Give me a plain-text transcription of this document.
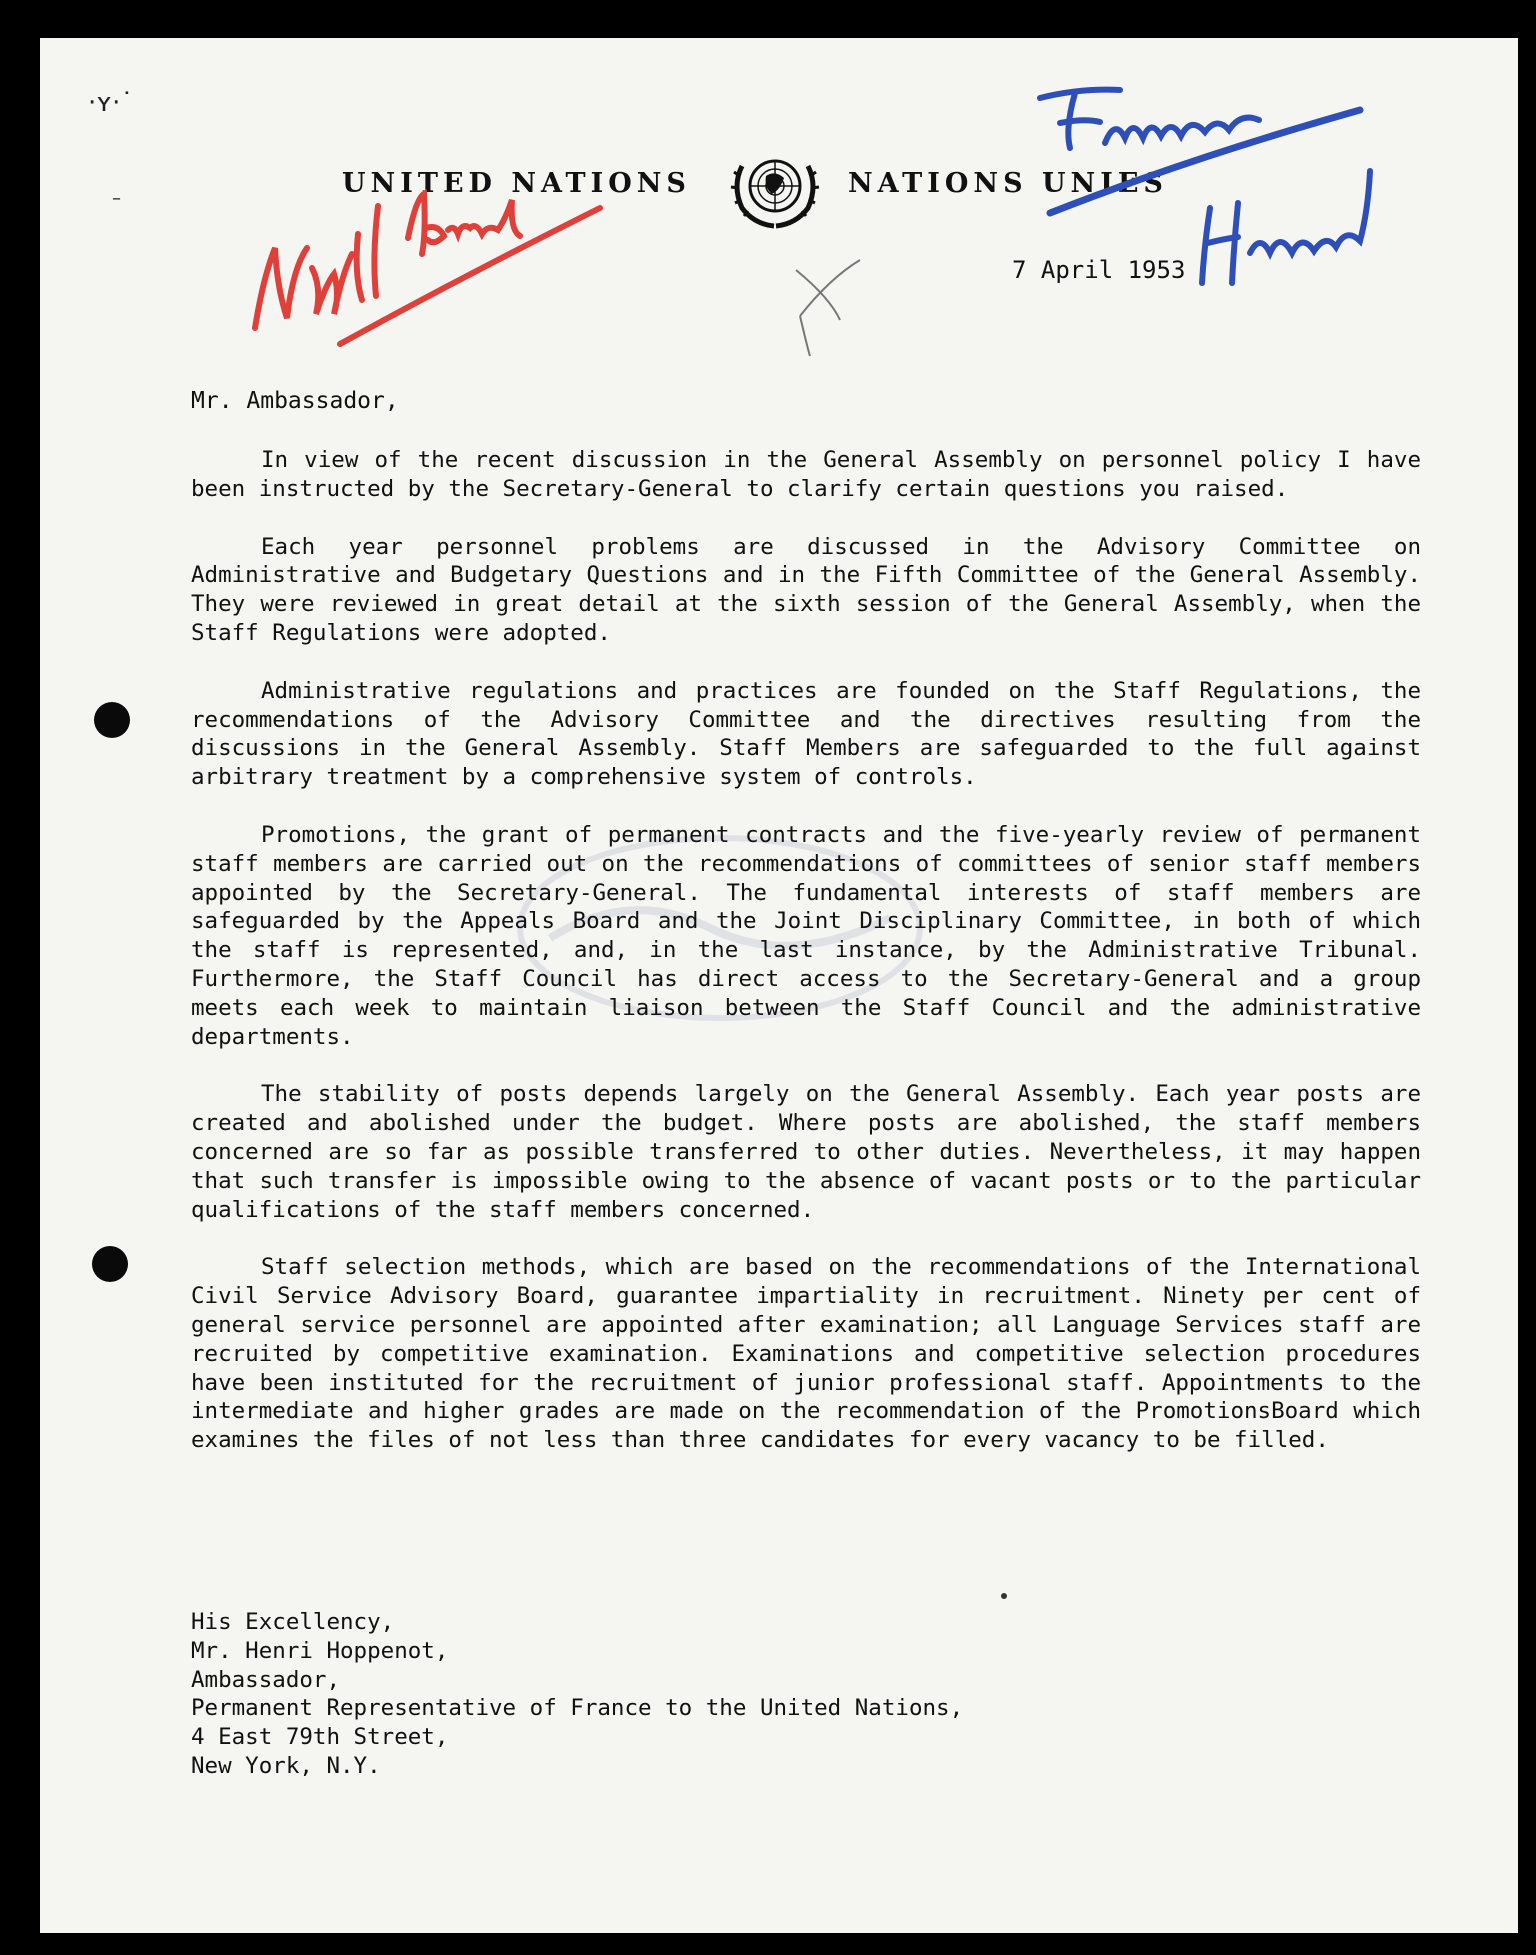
·ʏ·˙
–	UNITED NATIONS	NATIONS UNIES
7 April 1953
Mr. Ambassador,

In view of the recent discussion in the General Assembly on personnel policy I have been instructed by the Secretary-General to clarify certain questions you raised.

Each year personnel problems are discussed in the Advisory Committee on Administrative and Budgetary Questions and in the Fifth Committee of the General Assembly. They were reviewed in great detail at the sixth session of the General Assembly, when the Staff Regulations were adopted.

Administrative regulations and practices are founded on the Staff Regulations, the recommendations of the Advisory Committee and the directives resulting from the discussions in the General Assembly. Staff Members are safeguarded to the full against arbitrary treatment by a comprehensive system of controls.

Promotions, the grant of permanent contracts and the five-yearly review of permanent staff members are carried out on the recommendations of committees of senior staff members appointed by the Secretary-General. The fundamental interests of staff members are safeguarded by the Appeals Board and the Joint Disciplinary Committee, in both of which the staff is represented, and, in the last instance, by the Administrative Tribunal. Furthermore, the Staff Council has direct access to the Secretary-General and a group meets each week to maintain liaison between the Staff Council and the administrative departments.

The stability of posts depends largely on the General Assembly. Each year posts are created and abolished under the budget. Where posts are abolished, the staff members concerned are so far as possible transferred to other duties. Nevertheless, it may happen that such transfer is impossible owing to the absence of vacant posts or to the particular qualifications of the staff members concerned.

Staff selection methods, which are based on the recommendations of the International Civil Service Advisory Board, guarantee impartiality in recruitment. Ninety per cent of general service personnel are appointed after examination; all Language Services staff are recruited by competitive examination. Examinations and competitive selection procedures have been instituted for the recruitment of junior professional staff. Appointments to the intermediate and higher grades are made on the recommendation of the PromotionsBoard which examines the files of not less than three candidates for every vacancy to be filled.

His Excellency,
Mr. Henri Hoppenot,
Ambassador,
Permanent Representative of France to the United Nations,
4 East 79th Street,
New York, N.Y.
